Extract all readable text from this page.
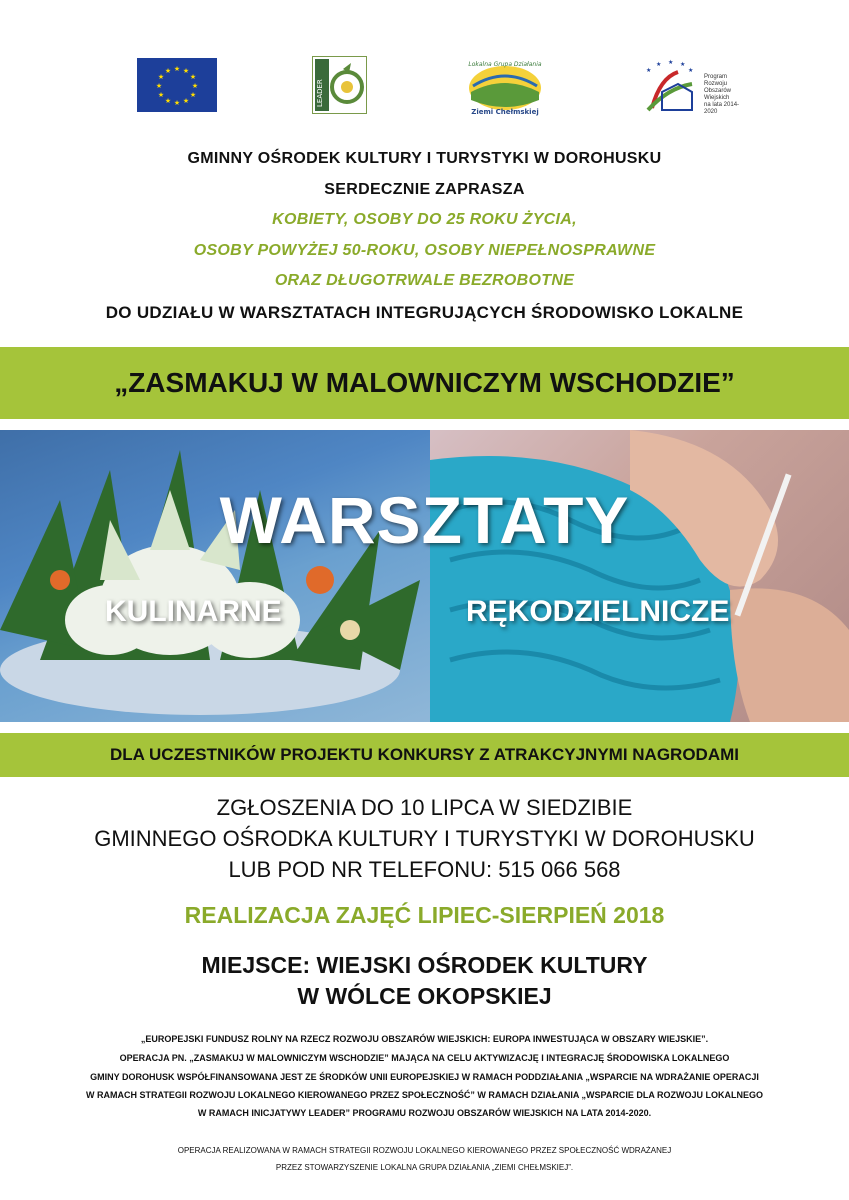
★ ★
★
★
★
★
★
★
★
★
★
★
LEADER
Lokalna Grupa Działania
Ziemi Chełmskiej
★
★ ★ ★
★
Program
Rozwoju
Obszarów
Wiejskich
na lata 2014-2020
GMINNY OŚRODEK KULTURY I TURYSTYKI W DOROHUSKU
SERDECZNIE ZAPRASZA
KOBIETY, OSOBY DO 25 ROKU ŻYCIA,
OSOBY POWYŻEJ 50-ROKU, OSOBY NIEPEŁNOSPRAWNE
ORAZ DŁUGOTRWALE BEZROBOTNE
DO UDZIAŁU W WARSZTATACH INTEGRUJĄCYCH ŚRODOWISKO LOKALNE
„ZASMAKUJ W MALOWNICZYM WSCHODZIE”
WARSZTATY
KULINARNE	RĘKODZIELNICZE
DLA UCZESTNIKÓW PROJEKTU KONKURSY Z ATRAKCYJNYMI NAGRODAMI
ZGŁOSZENIA DO 10 LIPCA W SIEDZIBIE
GMINNEGO OŚRODKA KULTURY I TURYSTYKI W DOROHUSKU
LUB POD NR TELEFONU: 515 066 568
REALIZACJA ZAJĘĆ LIPIEC-SIERPIEŃ 2018
MIEJSCE: WIEJSKI OŚRODEK KULTURY
W WÓLCE OKOPSKIEJ
„EUROPEJSKI FUNDUSZ ROLNY NA RZECZ ROZWOJU OBSZARÓW WIEJSKICH: EUROPA INWESTUJĄCA W OBSZARY WIEJSKIE”.
OPERACJA PN. „ZASMAKUJ W MALOWNICZYM WSCHODZIE” MAJĄCA NA CELU AKTYWIZACJĘ I INTEGRACJĘ ŚRODOWISKA LOKALNEGO
GMINY DOROHUSK WSPÓŁFINANSOWANA JEST ZE ŚRODKÓW UNII EUROPEJSKIEJ W RAMACH PODDZIAŁANIA „WSPARCIE NA WDRAŻANIE OPERACJI
W RAMACH STRATEGII ROZWOJU LOKALNEGO KIEROWANEGO PRZEZ SPOŁECZNOŚĆ” W RAMACH DZIAŁANIA „WSPARCIE DLA ROZWOJU LOKALNEGO
W RAMACH INICJATYWY LEADER” PROGRAMU ROZWOJU OBSZARÓW WIEJSKICH NA LATA 2014-2020.
OPERACJA REALIZOWANA W RAMACH STRATEGII ROZWOJU LOKALNEGO KIEROWANEGO PRZEZ SPOŁECZNOŚĆ WDRAŻANEJ
PRZEZ STOWARZYSZENIE LOKALNA GRUPA DZIAŁANIA „ZIEMI CHEŁMSKIEJ”.
